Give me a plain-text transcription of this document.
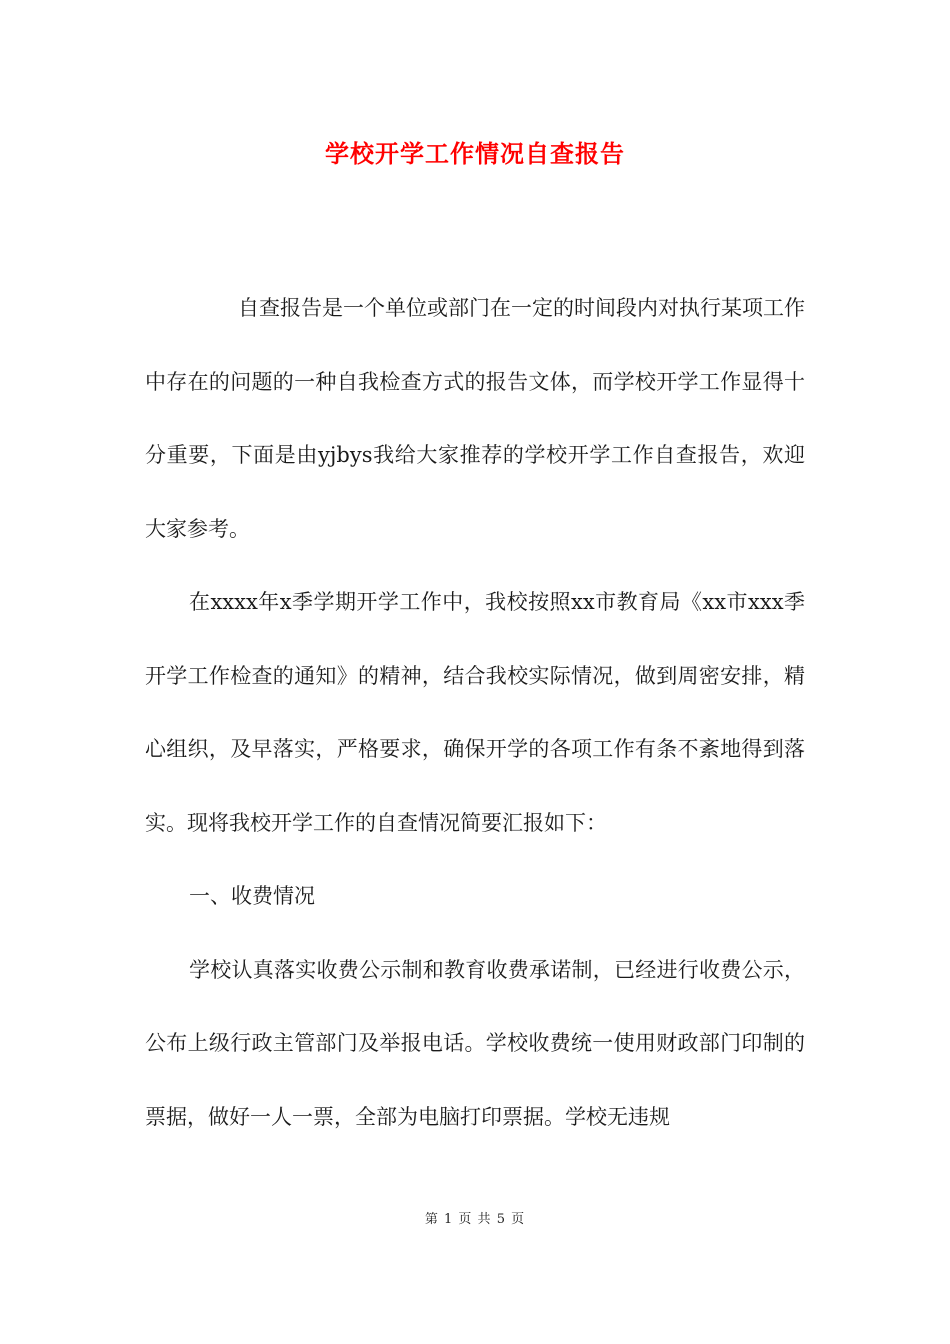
学校开学工作情况自查报告

自查报告是一个单位或部门在一定的时间段内对执行某项工作中存在的问题的一种自我检查方式的报告文体，而学校开学工作显得十分重要，下面是由yjbys我给大家推荐的学校开学工作自查报告，欢迎大家参考。

在xxxx年x季学期开学工作中，我校按照xx市教育局《xx市xxx季开学工作检查的通知》的精神，结合我校实际情况，做到周密安排，精心组织，及早落实，严格要求，确保开学的各项工作有条不紊地得到落实。现将我校开学工作的自查情况简要汇报如下：

一、收费情况

学校认真落实收费公示制和教育收费承诺制，已经进行收费公示，公布上级行政主管部门及举报电话。学校收费统一使用财政部门印制的票据，做好一人一票，全部为电脑打印票据。学校无违规

第 1 页 共 5 页
